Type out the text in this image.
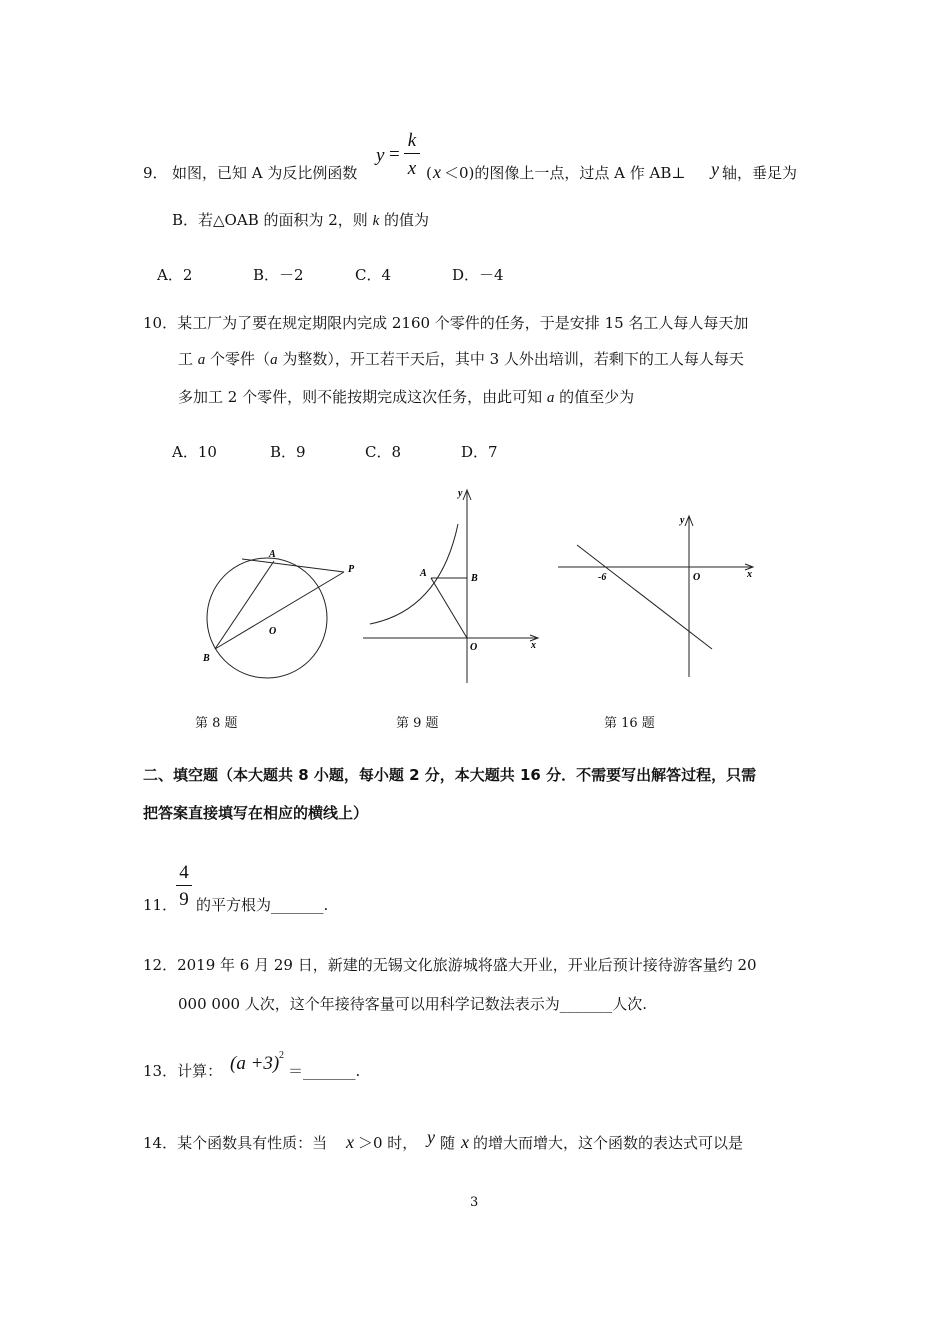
y =
k
x
9． 如图，已知 A 为反比例函数	( x ＜0)的图像上一点，过点 A 作 AB⊥ y 轴，垂足为
B．若△OAB 的面积为 2，则 k 的值为
A．2	B．－2	C．4	D．－4
10．某工厂为了要在规定期限内完成 2160 个零件的任务，于是安排 15 名工人每人每天加
工 a 个零件（a 为整数），开工若干天后，其中 3 人外出培训，若剩下的工人每人每天
多加工 2 个零件，则不能按期完成这次任务，由此可知 a 的值至少为
A．10	B．9	C．8	D．7
A
P
O
B
y
A	B
O	x
y
-6	O	x
第 8 题	第 9 题	第 16 题
二、填空题（本大题共 8 小题，每小题 2 分，本大题共 16 分．不需要写出解答过程，只需
把答案直接填写在相应的横线上）
4
9
11． 的平方根为_______.
12．2019 年 6 月 29 日，新建的无锡文化旅游城将盛大开业，开业后预计接待游客量约 20
000 000 人次，这个年接待客量可以用科学记数法表示为_______人次.
13．计算： (a +3) 2
＝_______.
14．某个函数具有性质：当 x ＞0 时， y 随 x 的增大而增大，这个函数的表达式可以是
3
